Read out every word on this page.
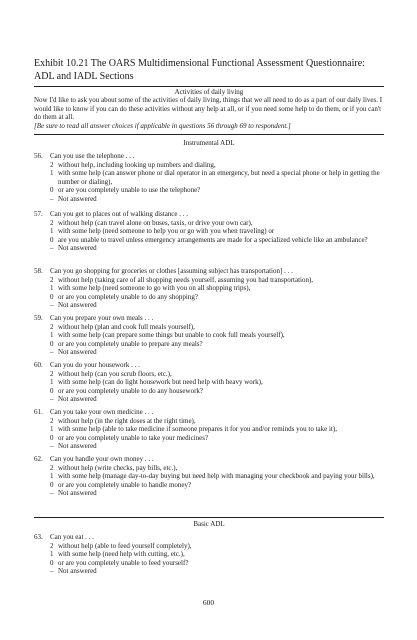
Exhibit 10.21 The OARS Multidimensional Functional Assessment Questionnaire: ADL and IADL Sections
Activities of daily living
Now I'd like to ask you about some of the activities of daily living, things that we all need to do as a part of our daily lives. I would like to know if you can do these activities without any help at all, or if you need some help to do them, or if you can't do them at all.
[Be sure to read all answer choices if applicable in questions 56 through 69 to respondent.]
Instrumental ADL
56. Can you use the telephone . . .
2 without help, including looking up numbers and dialing,
1 with some help (can answer phone or dial operator in an emergency, but need a special phone or help in getting the number or dialing),
0 or are you completely unable to use the telephone?
– Not answered
57. Can you get to places out of walking distance . . .
2 without help (can travel alone on buses, taxis, or drive your own car),
1 with some help (need someone to help you or go with you when traveling) or
0 are you unable to travel unless emergency arrangements are made for a specialized vehicle like an ambulance?
– Not answered
58. Can you go shopping for groceries or clothes [assuming subject has transportation] . . .
2 without help (taking care of all shopping needs yourself, assuming you had transportation),
1 with some help (need someone to go with you on all shopping trips),
0 or are you completely unable to do any shopping?
– Not answered
59. Can you prepare your own meals . . .
2 without help (plan and cook full meals yourself),
1 with some help (can prepare some things but unable to cook full meals yourself),
0 or are you completely unable to prepare any meals?
– Not answered
60. Can you do your housework . . .
2 without help (can you scrub floors, etc.),
1 with some help (can do light housework but need help with heavy work),
0 or are you completely unable to do any housework?
– Not answered
61. Can you take your own medicine . . .
2 without help (in the right doses at the right time),
1 with some help (able to take medicine if someone prepares it for you and/or reminds you to take it),
0 or are you completely unable to take your medicines?
– Not answered
62. Can you handle your own money . . .
2 without help (write checks, pay bills, etc.),
1 with some help (manage day-to-day buying but need help with managing your checkbook and paying your bills),
0 or are you completely unable to handle money?
– Not answered
Basic ADL
63. Can you eat . . .
2 without help (able to feed yourself completely),
1 with some help (need help with cutting, etc.),
0 or are you completely unable to feed yourself?
– Not answered
600
